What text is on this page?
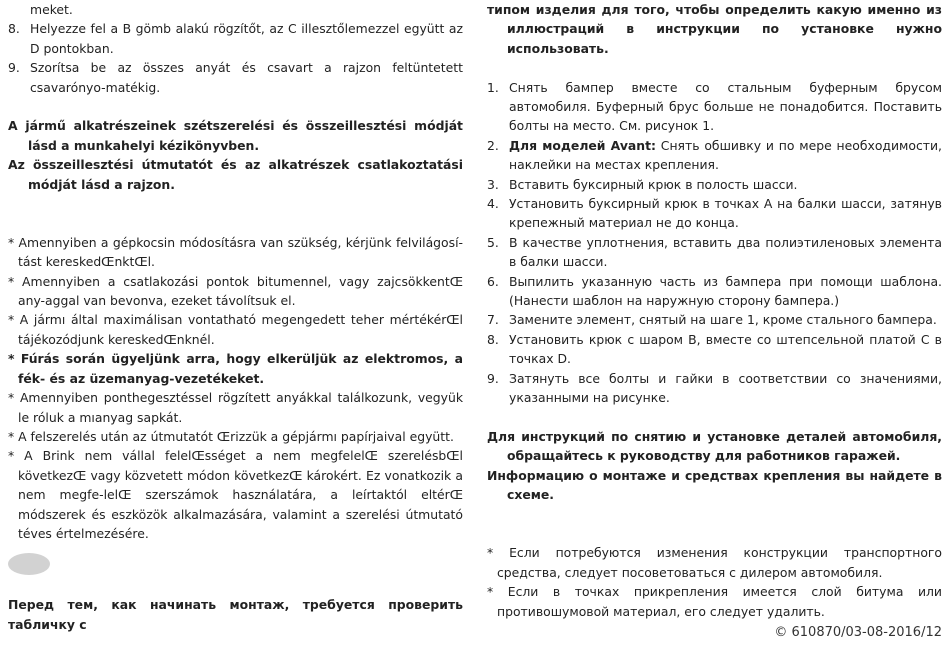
meket.
8. Helyezze fel a B gömb alakú rögzítőt, az C illesztőlemezzel együtt az D pontokban.
9. Szorítsa be az összes anyát és csavart a rajzon feltüntetett csavarónyo-matékig.
A jármű alkatrészeinek szétszerelési és összeillesztési módját lásd a munkahelyi kézikönyvben.
Az összeillesztési útmutatót és az alkatrészek csatlakoztatási módját lásd a rajzon.
* Amennyiben a gépkocsin módosításra van szükség, kérjünk felvilágosí-tást kereskedŒnktŒl.
* Amennyiben a csatlakozási pontok bitumennel, vagy zajcsökkentŒ any-aggal van bevonva, ezeket távolítsuk el.
* A jármı által maximálisan vontatható megengedett teher mértékérŒl tájékozódjunk kereskedŒnknél.
* Fúrás során ügyeljünk arra, hogy elkerüljük az elektromos, a fék- és az üzemanyag-vezetékeket.
* Amennyiben ponthegesztéssel rögzített anyákkal találkozunk, vegyük le róluk a mıanyag sapkát.
* A felszerelés után az útmutatót Œrizzük a gépjármı papírjaival együtt.
* A Brink nem vállal felelŒsséget a nem megfelelŒ szerelésbŒl következŒ vagy közvetett módon következŒ károkért. Ez vonatkozik a nem megfe-lelŒ szerszámok használatára, a leírtaktól eltérŒ módszerek és eszközök alkalmazására, valamint a szerelési útmutató téves értelmezésére.
Перед тем, как начинать монтаж, требуется проверить табличку с
типом изделия для того, чтобы определить какую именно из иллюстраций в инструкции по установке нужно использовать.
1. Снять бампер вместе со стальным буферным брусом автомобиля. Буферный брус больше не понадобится. Поставить болты на место. См. рисунок 1.
2. Для моделей Avant: Снять обшивку и по мере необходимости, наклейки на местах крепления.
3. Вставить буксирный крюк в полость шасси.
4. Установить буксирный крюк в точках A на балки шасси, затянув крепежный материал не до конца.
5. В качестве уплотнения, вставить два полиэтиленовых элемента в балки шасси.
6. Выпилить указанную часть из бампера при помощи шаблона. (Нанести шаблон на наружную сторону бампера.)
7. Замените элемент, снятый на шаге 1, кроме стального бампера.
8. Установить крюк с шаром B, вместе со штепсельной платой C в точках D.
9. Затянуть все болты и гайки в соответствии со значениями, указанными на рисунке.
Для инструкций по снятию и установке деталей автомобиля, обращайтесь к руководству для работников гаражей.
Информацию о монтаже и средствах крепления вы найдете в схеме.
* Если потребуются изменения конструкции транспортного средства, следует посоветоваться с дилером автомобиля.
* Если в точках прикрепления имеется слой битума или противошумовой материал, его следует удалить.
© 610870/03-08-2016/12
